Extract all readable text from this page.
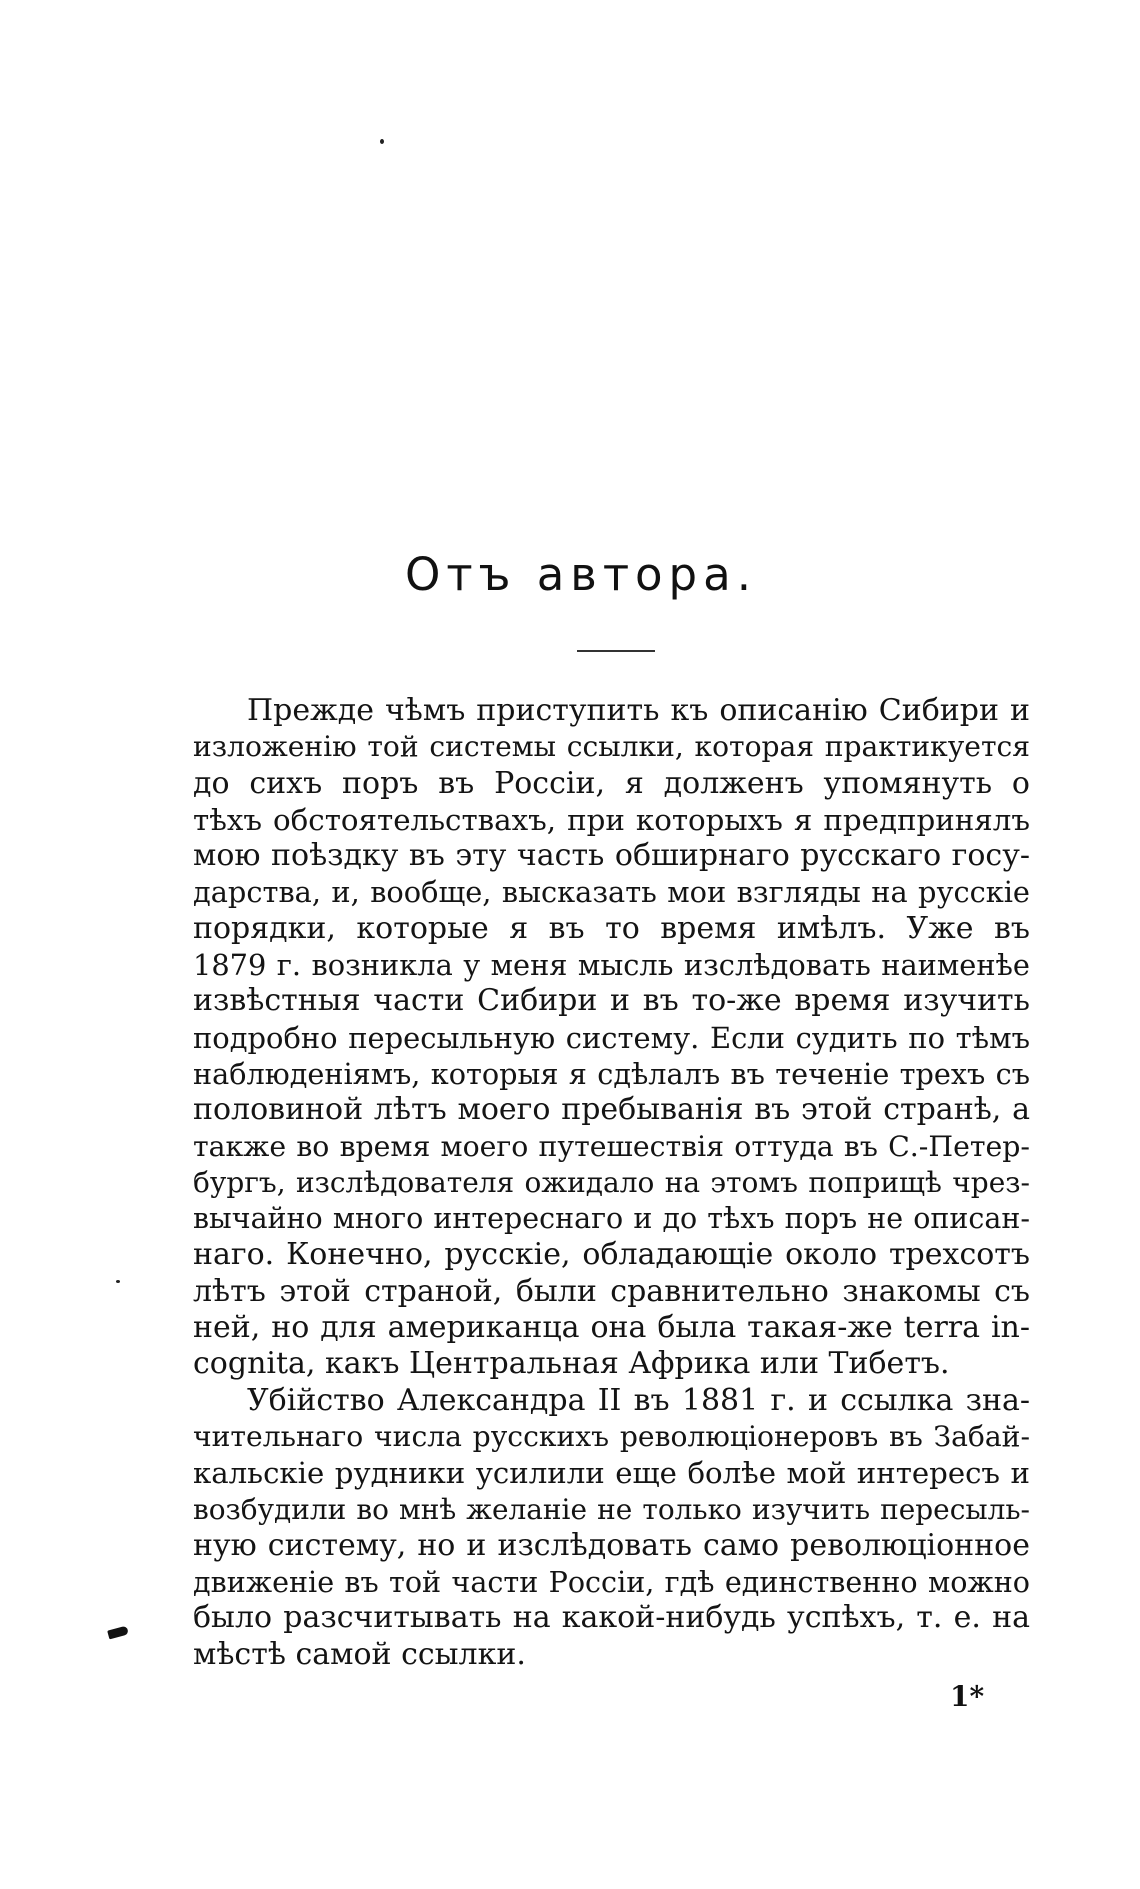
Отъ автора.
Прежде чѣмъ приступить къ описанію Сибири и
изложенію той системы ссылки, которая практикуется
до сихъ поръ въ Россіи, я долженъ упомянуть о
тѣхъ обстоятельствахъ, при которыхъ я предпринялъ
мою поѣздку въ эту часть обширнаго русскаго госу-
дарства, и, вообще, высказать мои взгляды на русскіе
порядки, которые я въ то время имѣлъ. Уже въ
1879 г. возникла у меня мысль изслѣдовать наименѣе
извѣстныя части Сибири и въ то-же время изучить
подробно пересыльную систему. Если судить по тѣмъ
наблюденіямъ, которыя я сдѣлалъ въ теченіе трехъ съ
половиной лѣтъ моего пребыванія въ этой странѣ, а
также во время моего путешествія оттуда въ С.-Петер-
бургъ, изслѣдователя ожидало на этомъ поприщѣ чрез-
вычайно много интереснаго и до тѣхъ поръ не описан-
наго. Конечно, русскіе, обладающіе около трехсотъ
лѣтъ этой страной, были сравнительно знакомы съ
ней, но для американца она была такая-же terra in-
cognita, какъ Центральная Африка или Тибетъ.
Убійство Александра II въ 1881 г. и ссылка зна-
чительнаго числа русскихъ революціонеровъ въ Забай-
кальскіе рудники усилили еще болѣе мой интересъ и
возбудили во мнѣ желаніе не только изучить пересыль-
ную систему, но и изслѣдовать само революціонное
движеніе въ той части Россіи, гдѣ единственно можно
было разсчитывать на какой-нибудь успѣхъ, т. е. на
мѣстѣ самой ссылки.
1*
